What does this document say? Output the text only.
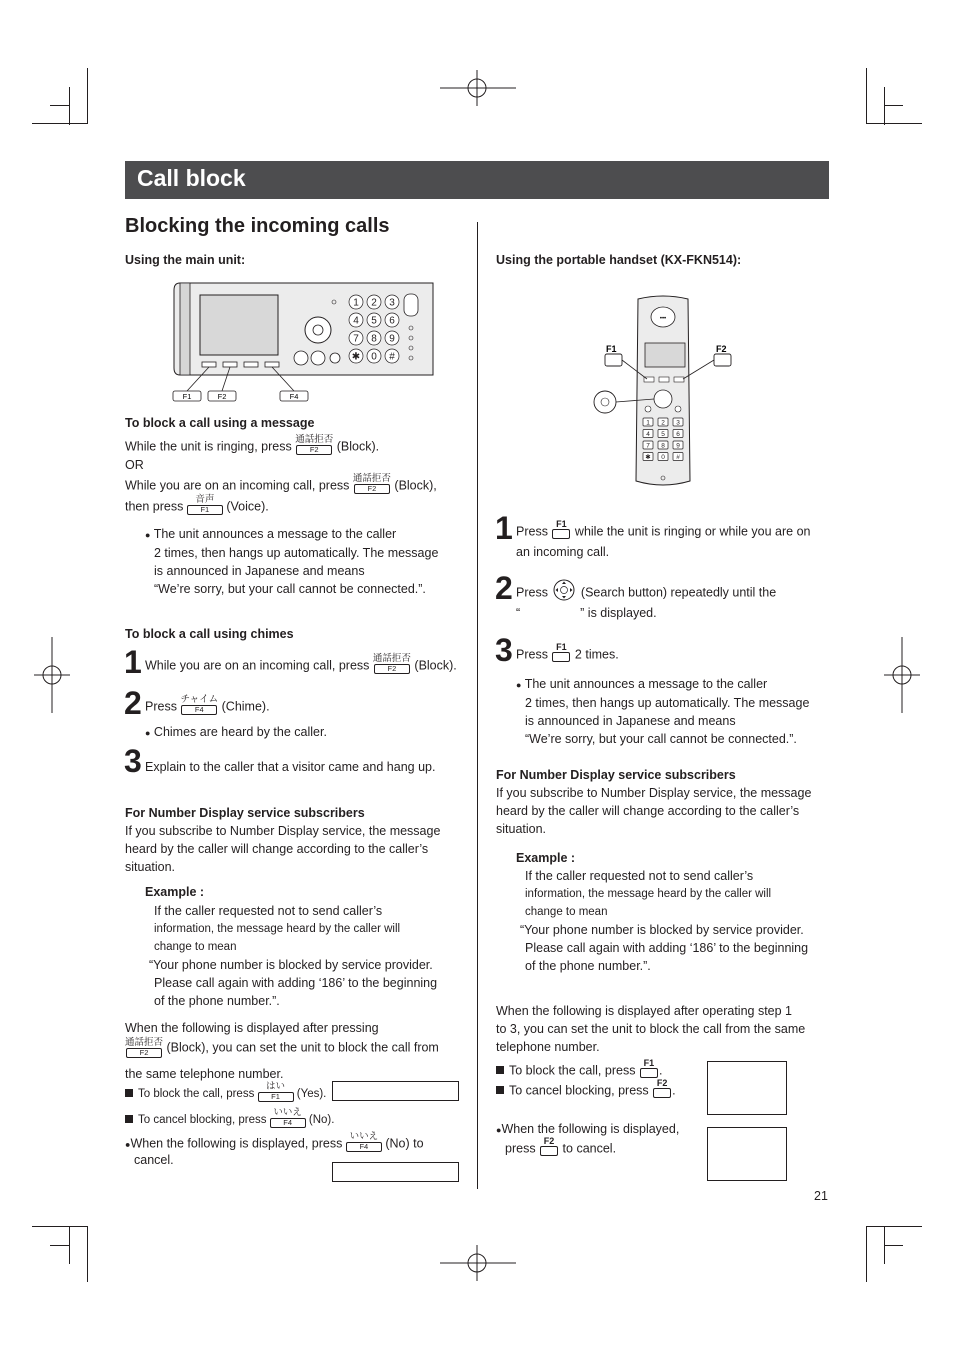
Call block
Blocking the incoming calls
Using the main unit:
1 2 3
4 5 6
7 8 9
✱ 0 #
F1	F2	F4
To block a call using a message
While the unit is ringing, press 通話拒否
F2	(Block).
OR
While you are on an incoming call, press 通話拒否
F2	(Block),
then press	音声
F1	(Voice).
● The unit announces a message to the caller
2 times, then hangs up automatically. The message
is announced in Japanese and means
“We’re sorry, but your call cannot be connected.”.
To block a call using chimes
1 While you are on an incoming call, press 通話拒否
F2	(Block).
2 Press チャイム
F4	(Chime).
● Chimes are heard by the caller.
3 Explain to the caller that a visitor came and hang up.
For Number Display service subscribers
If you subscribe to Number Display service, the message
heard by the caller will change according to the caller’s
situation.
Example :
If the caller requested not to send caller’s
information, the message heard by the caller will
change to mean
“Your phone number is blocked by service provider.
Please call again with adding ‘186’ to the beginning
of the phone number.”.
When the following is displayed after pressing
通話拒否
F2	(Block), you can set the unit to block the call from
the same telephone number.
To block the call, press
はい
F1	(Yes).
To cancel blocking, press
いいえ
F4	(No).
●When the following is displayed, press いいえ
F4	(No) to
cancel.
Using the portable handset (KX-FKN514):
•••
1 2 3
4 5 6
7 8 9
✱ 0 #
F1	F2
1 Press
F1
while the unit is ringing or while you are on
an incoming call.
2 Press	(Search button) repeatedly until the
“	” is displayed.
3 Press
F1
2 times.
● The unit announces a message to the caller
2 times, then hangs up automatically. The message
is announced in Japanese and means
“We’re sorry, but your call cannot be connected.”.
For Number Display service subscribers
If you subscribe to Number Display service, the message
heard by the caller will change according to the caller’s
situation.
Example :
If the caller requested not to send caller’s
information, the message heard by the caller will
change to mean
“Your phone number is blocked by service provider.
Please call again with adding ‘186’ to the beginning
of the phone number.”.
When the following is displayed after operating step 1
to 3, you can set the unit to block the call from the same
telephone number.
To block the call, press
F1
.
To cancel blocking, press
F2
.
●When the following is displayed,
press
F2
to cancel.
21
